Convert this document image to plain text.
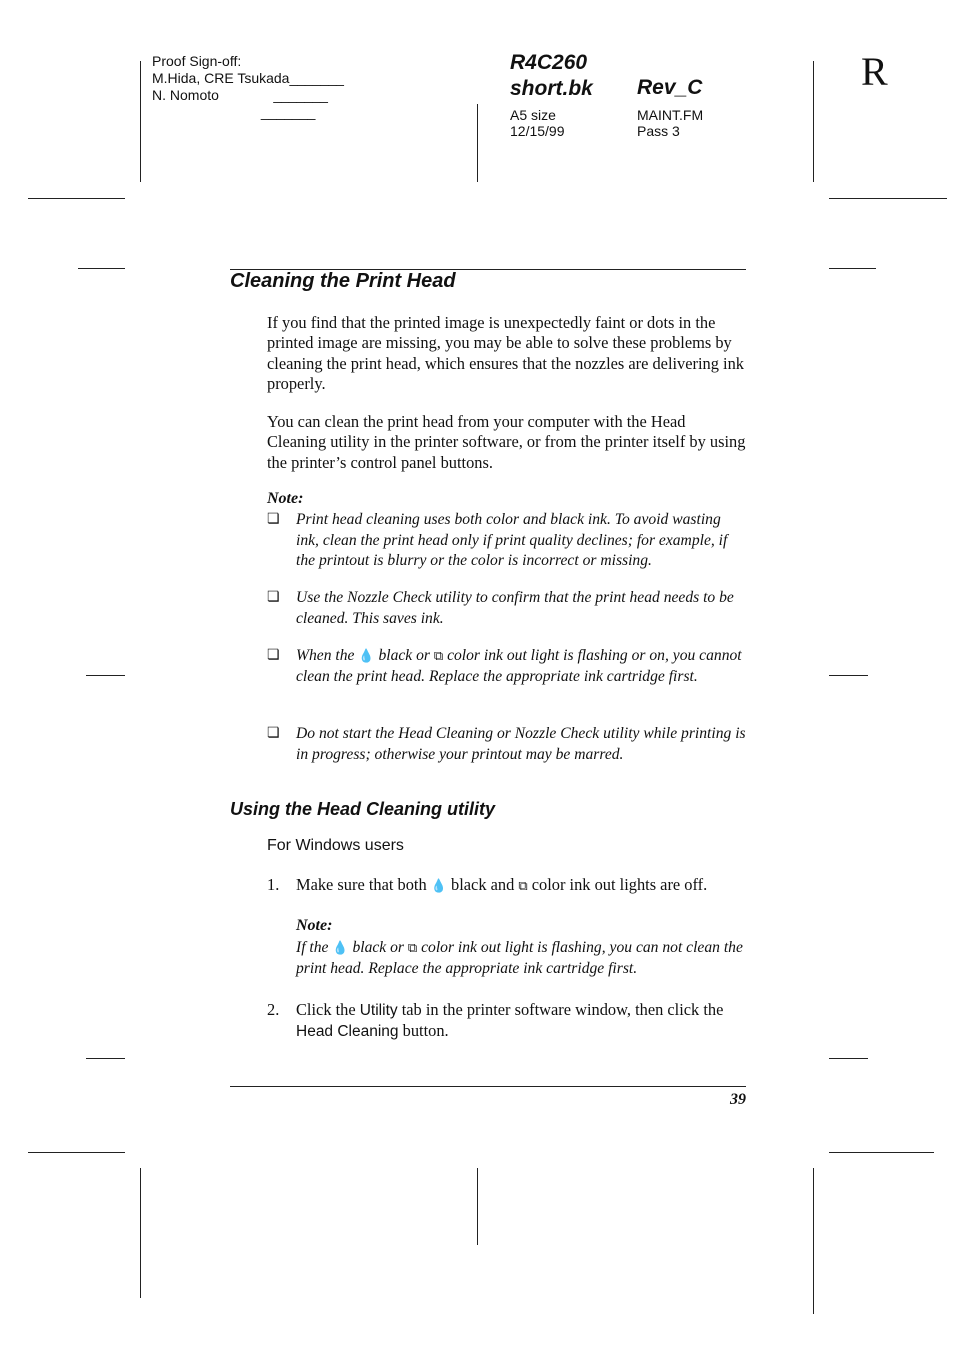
Proof Sign-off:
M.Hida, CRE Tsukada_______
N. Nomoto              _______
_______
R4C260
short.bk Rev_C
A5 size
12/15/99
MAINT.FM
Pass 3
R
Cleaning the Print Head
If you find that the printed image is unexpectedly faint or dots in the printed image are missing, you may be able to solve these problems by cleaning the print head, which ensures that the nozzles are delivering ink properly.
You can clean the print head from your computer with the Head Cleaning utility in the printer software, or from the printer itself by using the printer’s control panel buttons.
Note:
❏ Print head cleaning uses both color and black ink. To avoid wasting ink, clean the print head only if print quality declines; for example, if the printout is blurry or the color is incorrect or missing.
❏ Use the Nozzle Check utility to confirm that the print head needs to be cleaned. This saves ink.
❏ When the 💧 black or ⧉ color ink out light is flashing or on, you cannot clean the print head. Replace the appropriate ink cartridge first.
❏ Do not start the Head Cleaning or Nozzle Check utility while printing is in progress; otherwise your printout may be marred.
Using the Head Cleaning utility
For Windows users
1. Make sure that both 💧 black and ⧉ color ink out lights are off.
Note:
If the 💧 black or ⧉ color ink out light is flashing, you can not clean the print head. Replace the appropriate ink cartridge first.
2. Click the Utility tab in the printer software window, then click the Head Cleaning button.
39
